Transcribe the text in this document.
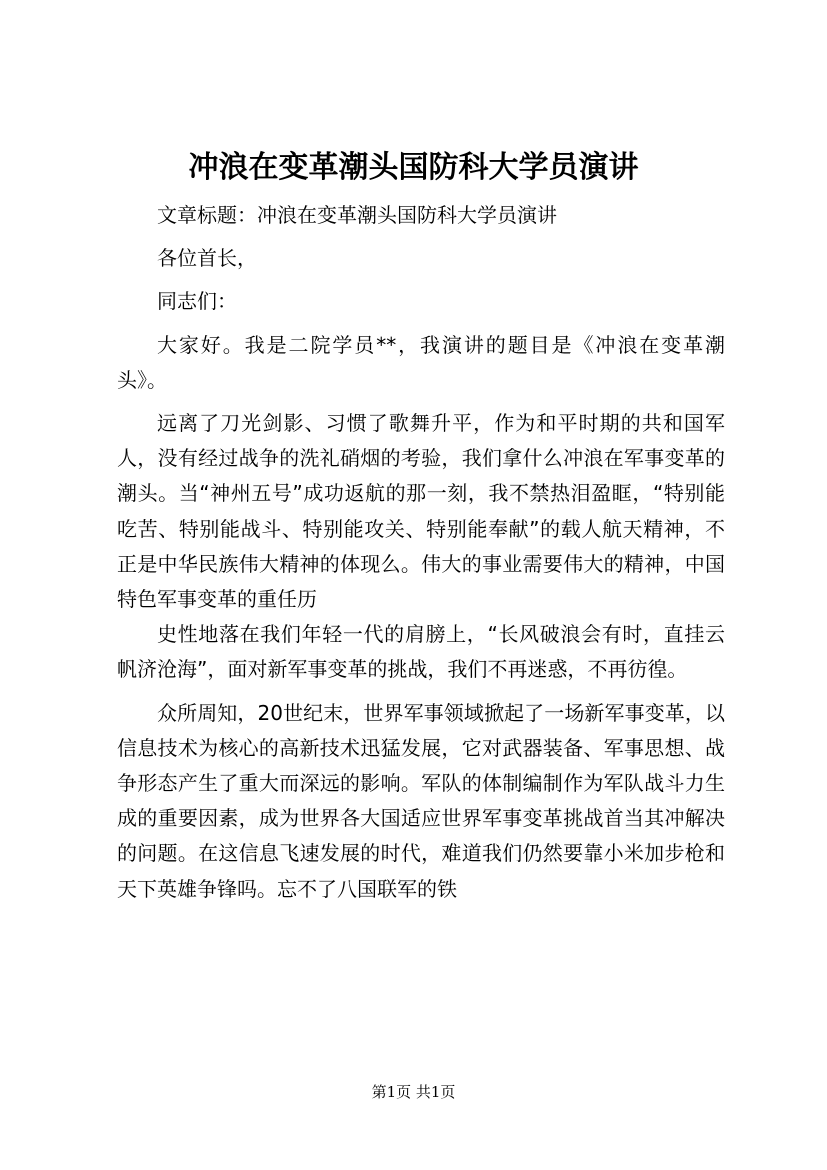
冲浪在变革潮头国防科大学员演讲

文章标题：冲浪在变革潮头国防科大学员演讲

各位首长，

同志们：

大家好。我是二院学员**，我演讲的题目是《冲浪在变革潮头》。

远离了刀光剑影、习惯了歌舞升平，作为和平时期的共和国军人，没有经过战争的洗礼硝烟的考验，我们拿什么冲浪在军事变革的潮头。当“神州五号”成功返航的那一刻，我不禁热泪盈眶，“特别能吃苦、特别能战斗、特别能攻关、特别能奉献”的载人航天精神，不正是中华民族伟大精神的体现么。伟大的事业需要伟大的精神，中国特色军事变革的重任历

史性地落在我们年轻一代的肩膀上，“长风破浪会有时，直挂云帆济沧海”，面对新军事变革的挑战，我们不再迷惑，不再彷徨。

众所周知，20世纪末，世界军事领域掀起了一场新军事变革，以信息技术为核心的高新技术迅猛发展，它对武器装备、军事思想、战争形态产生了重大而深远的影响。军队的体制编制作为军队战斗力生成的重要因素，成为世界各大国适应世界军事变革挑战首当其冲解决的问题。在这信息飞速发展的时代，难道我们仍然要靠小米加步枪和天下英雄争锋吗。忘不了八国联军的铁

第1页 共1页
